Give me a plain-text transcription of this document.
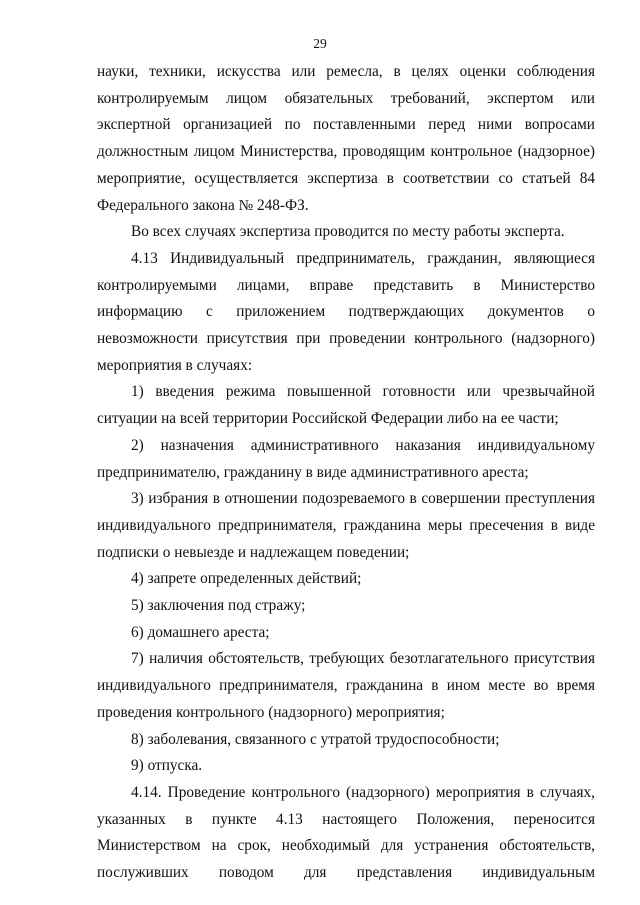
29

науки, техники, искусства или ремесла, в целях оценки соблюдения контролируемым лицом обязательных требований, экспертом или экспертной организацией по поставленными перед ними вопросами должностным лицом Министерства, проводящим контрольное (надзорное) мероприятие, осуществляется экспертиза в соответствии со статьей 84 Федерального закона № 248-ФЗ.

Во всех случаях экспертиза проводится по месту работы эксперта.

4.13 Индивидуальный предприниматель, гражданин, являющиеся контролируемыми лицами, вправе представить в Министерство информацию с приложением подтверждающих документов о невозможности присутствия при проведении контрольного (надзорного) мероприятия в случаях:

1) введения режима повышенной готовности или чрезвычайной ситуации на всей территории Российской Федерации либо на ее части;

2) назначения административного наказания индивидуальному предпринимателю, гражданину в виде административного ареста;

3) избрания в отношении подозреваемого в совершении преступления индивидуального предпринимателя, гражданина меры пресечения в виде подписки о невыезде и надлежащем поведении;

4) запрете определенных действий;

5) заключения под стражу;

6) домашнего ареста;

7) наличия обстоятельств, требующих безотлагательного присутствия индивидуального предпринимателя, гражданина в ином месте во время проведения контрольного (надзорного) мероприятия;

8) заболевания, связанного с утратой трудоспособности;

9) отпуска.

4.14. Проведение контрольного (надзорного) мероприятия в случаях, указанных в пункте 4.13 настоящего Положения, переносится Министерством на срок, необходимый для устранения обстоятельств, послуживших поводом для представления индивидуальным
